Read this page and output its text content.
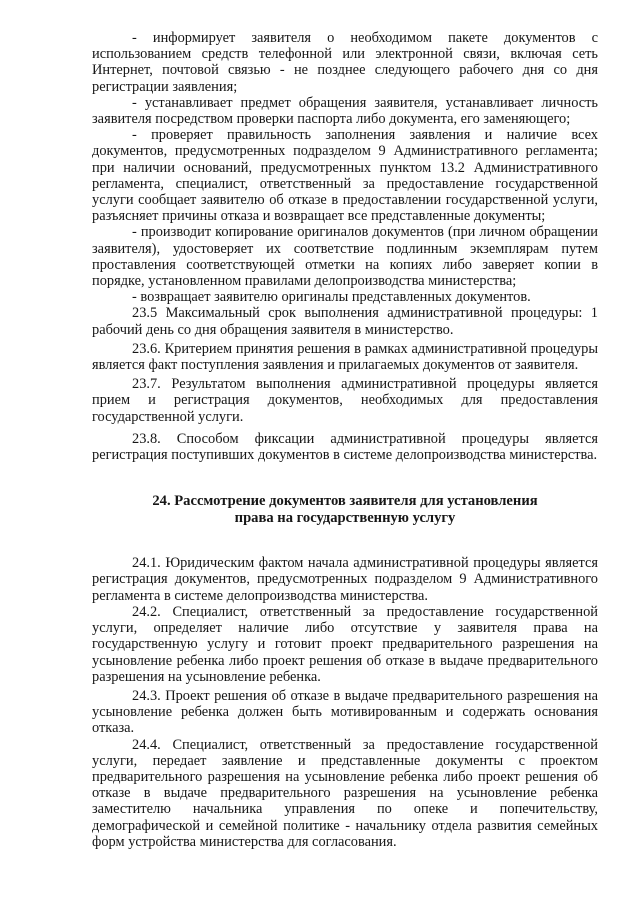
- информирует заявителя о необходимом пакете документов с использованием средств телефонной или электронной связи, включая сеть Интернет, почтовой связью - не позднее следующего рабочего дня со дня регистрации заявления;

- устанавливает предмет обращения заявителя, устанавливает личность заявителя посредством проверки паспорта либо документа, его заменяющего;

- проверяет правильность заполнения заявления и наличие всех документов, предусмотренных подразделом 9 Административного регламента; при наличии оснований, предусмотренных пунктом 13.2 Административного регламента, специалист, ответственный за предоставление государственной услуги сообщает заявителю об отказе в предоставлении государственной услуги, разъясняет причины отказа и возвращает все представленные документы;

- производит копирование оригиналов документов (при личном обращении заявителя), удостоверяет их соответствие подлинным экземплярам путем проставления соответствующей отметки на копиях либо заверяет копии в порядке, установленном правилами делопроизводства министерства;

- возвращает заявителю оригиналы представленных документов.

23.5 Максимальный срок выполнения административной процедуры: 1 рабочий день со дня обращения заявителя в министерство.

23.6. Критерием принятия решения в рамках административной процедуры является факт поступления заявления и прилагаемых документов от заявителя.

23.7. Результатом выполнения административной процедуры является прием и регистрация документов, необходимых для предоставления государственной услуги.

23.8. Способом фиксации административной процедуры является регистрация поступивших документов в системе делопроизводства министерства.

24. Рассмотрение документов заявителя для установления
права на государственную услугу

24.1. Юридическим фактом начала административной процедуры является регистрация документов, предусмотренных подразделом 9 Административного регламента в системе делопроизводства министерства.

24.2. Специалист, ответственный за предоставление государственной услуги, определяет наличие либо отсутствие у заявителя права на государственную услугу и готовит проект предварительного разрешения на усыновление ребенка либо проект решения об отказе в выдаче предварительного разрешения на усыновление ребенка.

24.3. Проект решения об отказе в выдаче предварительного разрешения на усыновление ребенка должен быть мотивированным и содержать основания отказа.

24.4. Специалист, ответственный за предоставление государственной услуги, передает заявление и представленные документы с проектом предварительного разрешения на усыновление ребенка либо проект решения об отказе в выдаче предварительного разрешения на усыновление ребенка заместителю начальника управления по опеке и попечительству, демографической и семейной политике - начальнику отдела развития семейных форм устройства министерства для согласования.
